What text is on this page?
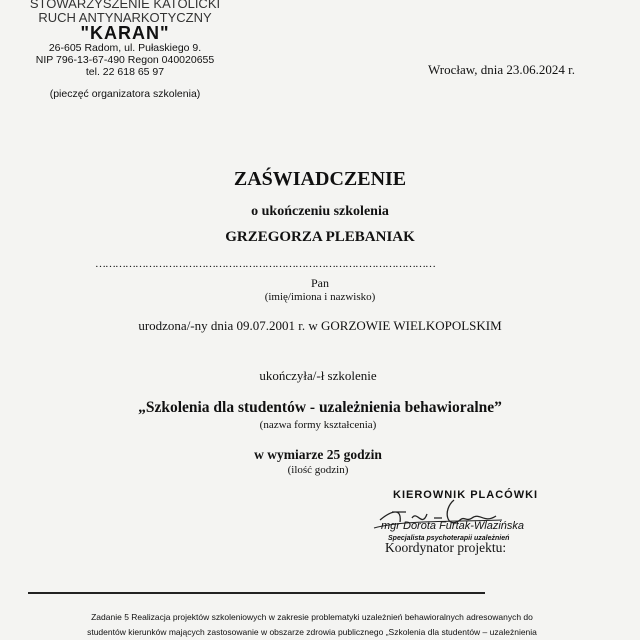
STOWARZYSZENIE KATOLICKI
RUCH ANTYNARKOTYCZNY
"KARAN"
26-605 Radom, ul. Pułaskiego 9.
NIP 796-13-67-490 Regon 040020655
tel. 22 618 65 97
(pieczęć organizatora szkolenia)
Wrocław, dnia 23.06.2024 r.
ZAŚWIADCZENIE
o ukończeniu szkolenia
GRZEGORZA PLEBANIAK
…………………………………………………………………………………………
Pan
(imię/imiona i nazwisko)
urodzona/-ny dnia 09.07.2001 r. w GORZOWIE WIELKOPOLSKIM
ukończyła/-ł szkolenie
„Szkolenia dla studentów - uzależnienia behawioralne”
(nazwa formy kształcenia)
w wymiarze 25 godzin
(ilość godzin)
KIEROWNIK PLACÓWKI
mgr Dorota Furtak-Wlazińska
Specjalista psychoterapii uzależnień
Koordynator projektu:
Zadanie 5 Realizacja projektów szkoleniowych w zakresie problematyki uzależnień behawioralnych adresowanych do
studentów kierunków mających zastosowanie w obszarze zdrowia publicznego „Szkolenia dla studentów – uzależnienia
